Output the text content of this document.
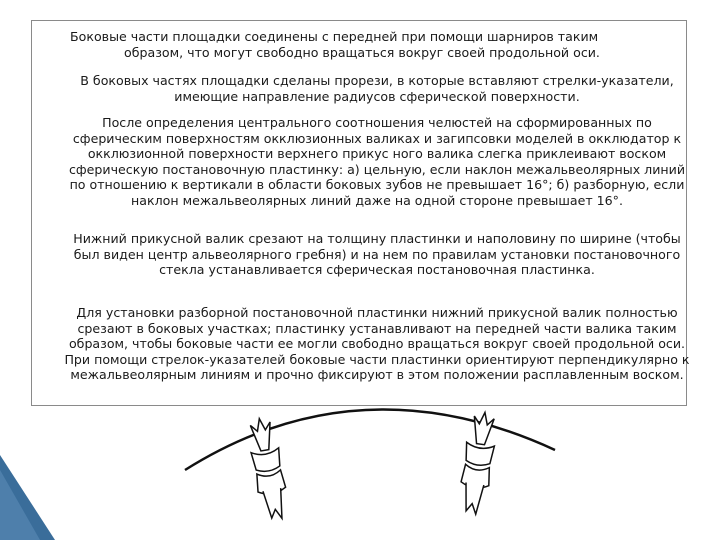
Боковые части площадки соединены с передней при помощи шарниров таким
образом, что могут свободно вращаться вокруг своей продольной оси.

В боковых частях площадки сделаны прорези, в которые вставляют стрелки-указатели, имеющие направление радиусов сферической поверхности.

После определения центрального соотношения челюстей на сформированных по сферическим поверхностям окклюзионных валиках и загипсовки моделей в окклюдатор к окклюзионной поверхности верхнего прикус ного валика слегка приклеивают воском сферическую постановочную пластинку: а) цельную, если наклон межальвеолярных линий по отношению к вертикали в области боковых зубов не превышает 16°; б) разборную, если наклон межальвеолярных линий даже на одной стороне превышает 16°.

Нижний прикусной валик срезают на толщину пластинки и наполовину по ширине (чтобы был виден центр альвеолярного гребня) и на нем по правилам установки постановочного стекла устанавливается сферическая постановочная пластинка.

Для установки разборной постановочной пластинки нижний прикусной валик полностью срезают в боковых участках; пластинку устанавливают на передней части валика таким образом, чтобы боковые части ее могли свободно вращаться вокруг своей продольной оси. При помощи стрелок-указателей боковые части пластинки ориентируют перпендикулярно к межальвеолярным линиям и прочно фиксируют в этом положении расплавленным воском.
